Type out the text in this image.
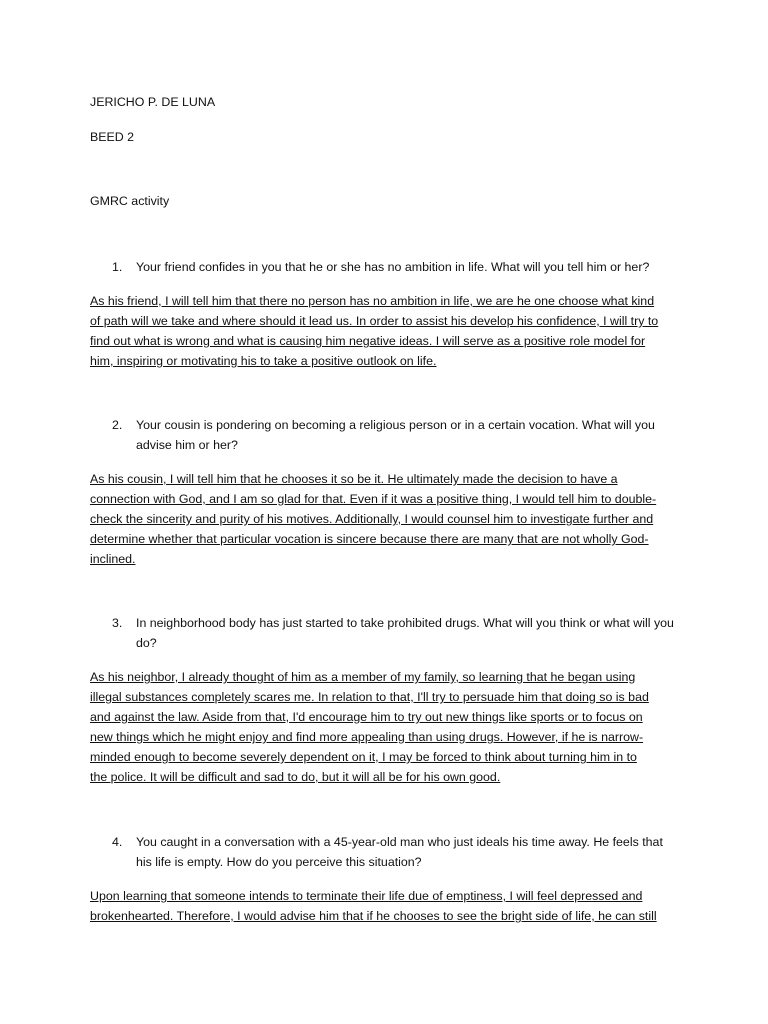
JERICHO P. DE LUNA
BEED 2
GMRC activity
1. Your friend confides in you that he or she has no ambition in life. What will you tell him or her?
As his friend, I will tell him that there no person has no ambition in life, we are he one choose what kind
of path will we take and where should it lead us. In order to assist his develop his confidence, I will try to
find out what is wrong and what is causing him negative ideas. I will serve as a positive role model for
him, inspiring or motivating his to take a positive outlook on life.
2. Your cousin is pondering on becoming a religious person or in a certain vocation. What will you advise him or her?
As his cousin, I will tell him that he chooses it so be it. He ultimately made the decision to have a
connection with God, and I am so glad for that. Even if it was a positive thing, I would tell him to double-
check the sincerity and purity of his motives. Additionally, I would counsel him to investigate further and
determine whether that particular vocation is sincere because there are many that are not wholly God-
inclined.
3. In neighborhood body has just started to take prohibited drugs. What will you think or what will you do?
As his neighbor, I already thought of him as a member of my family, so learning that he began using
illegal substances completely scares me. In relation to that, I'll try to persuade him that doing so is bad
and against the law. Aside from that, I'd encourage him to try out new things like sports or to focus on
new things which he might enjoy and find more appealing than using drugs. However, if he is narrow-
minded enough to become severely dependent on it, I may be forced to think about turning him in to
the police. It will be difficult and sad to do, but it will all be for his own good.
4. You caught in a conversation with a 45-year-old man who just ideals his time away. He feels that his life is empty. How do you perceive this situation?
Upon learning that someone intends to terminate their life due of emptiness, I will feel depressed and
brokenhearted. Therefore, I would advise him that if he chooses to see the bright side of life, he can still
